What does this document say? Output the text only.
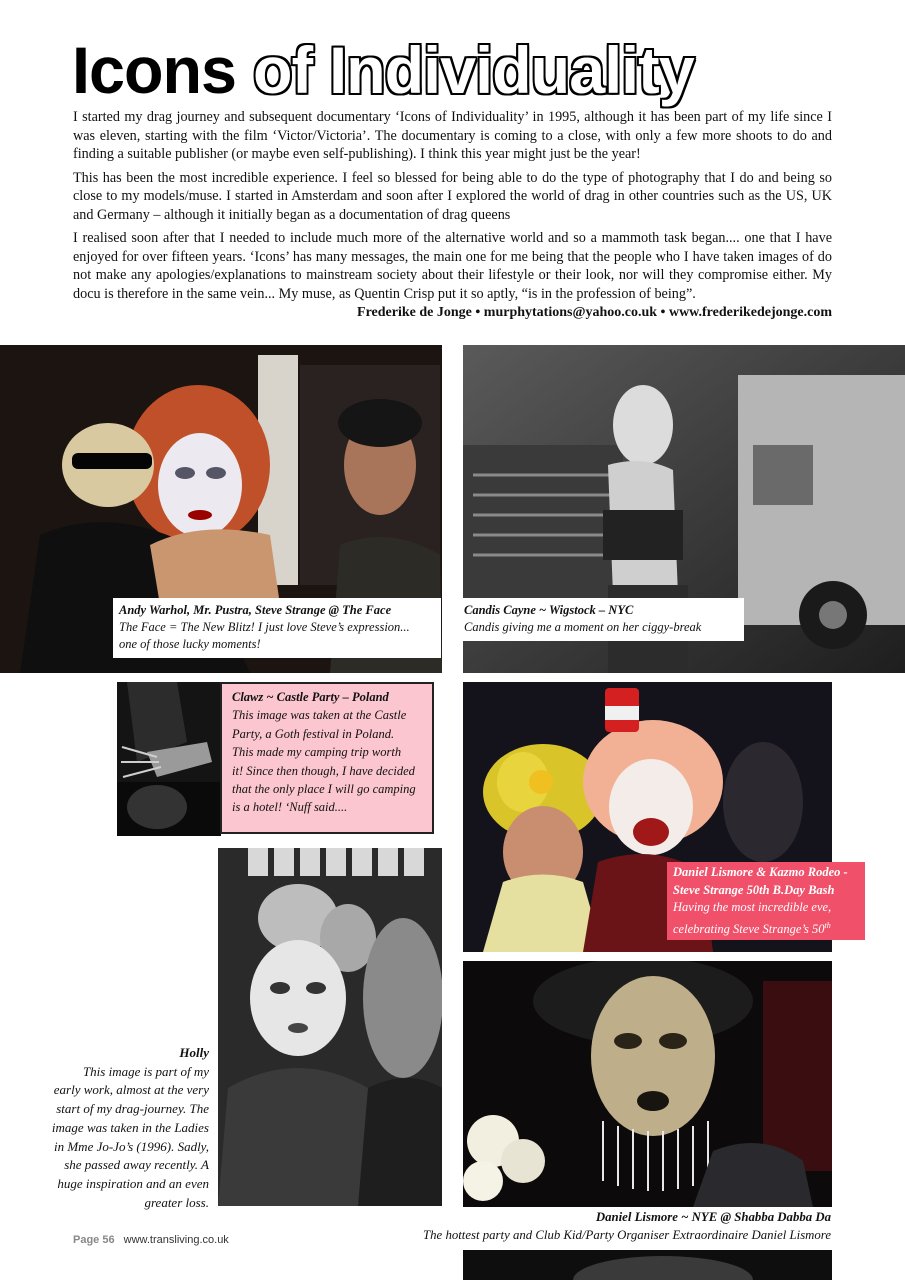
Icons of Individuality

I started my drag journey and subsequent documentary ‘Icons of Individuality’ in 1995, although it has been part of my life since I was eleven, starting with the film ‘Victor/Victoria’. The documentary is coming to a close, with only a few more shoots to do and finding a suitable publisher (or maybe even self-publishing). I think this year might just be the year!

This has been the most incredible experience. I feel so blessed for being able to do the type of photography that I do and being so close to my models/muse. I started in Amsterdam and soon after I explored the world of drag in other countries such as the US, UK and Germany – although it initially began as a documentation of drag queens

I realised soon after that I needed to include much more of the alternative world and so a mammoth task began.... one that I have enjoyed for over fifteen years. ‘Icons’ has many messages, the main one for me being that the people who I have taken images of do not make any apologies/explanations to mainstream society about their lifestyle or their look, nor will they compromise either. My docu is therefore in the same vein... My muse, as Quentin Crisp put it so aptly, “is in the profession of being”.

Frederike de Jonge • murphytations@yahoo.co.uk • www.frederikedejonge.com
Andy Warhol, Mr. Pustra, Steve Strange @ The Face
The Face = The New Blitz! I just love Steve’s expression...
one of those lucky moments!
Candis Cayne ~ Wigstock – NYC
Candis giving me a moment on her ciggy-break
Clawz ~ Castle Party – Poland
This image was taken at the Castle
Party, a Goth festival in Poland.
This made my camping trip worth
it! Since then though, I have decided
that the only place I will go camping
is a hotel! ‘Nuff said....
Holly
This image is part of my
early work, almost at the very
start of my drag-journey. The
image was taken in the Ladies
in Mme Jo-Jo’s (1996). Sadly,
she passed away recently. A
huge inspiration and an even
greater loss.
Daniel Lismore & Kazmo Rodeo -
Steve Strange 50th B.Day Bash
Having the most incredible eve,
celebrating Steve Strange’s 50th
Daniel Lismore ~ NYE @ Shabba Dabba Da
The hottest party and Club Kid/Party Organiser Extraordinaire Daniel Lismore
Page 56 www.transliving.co.uk
